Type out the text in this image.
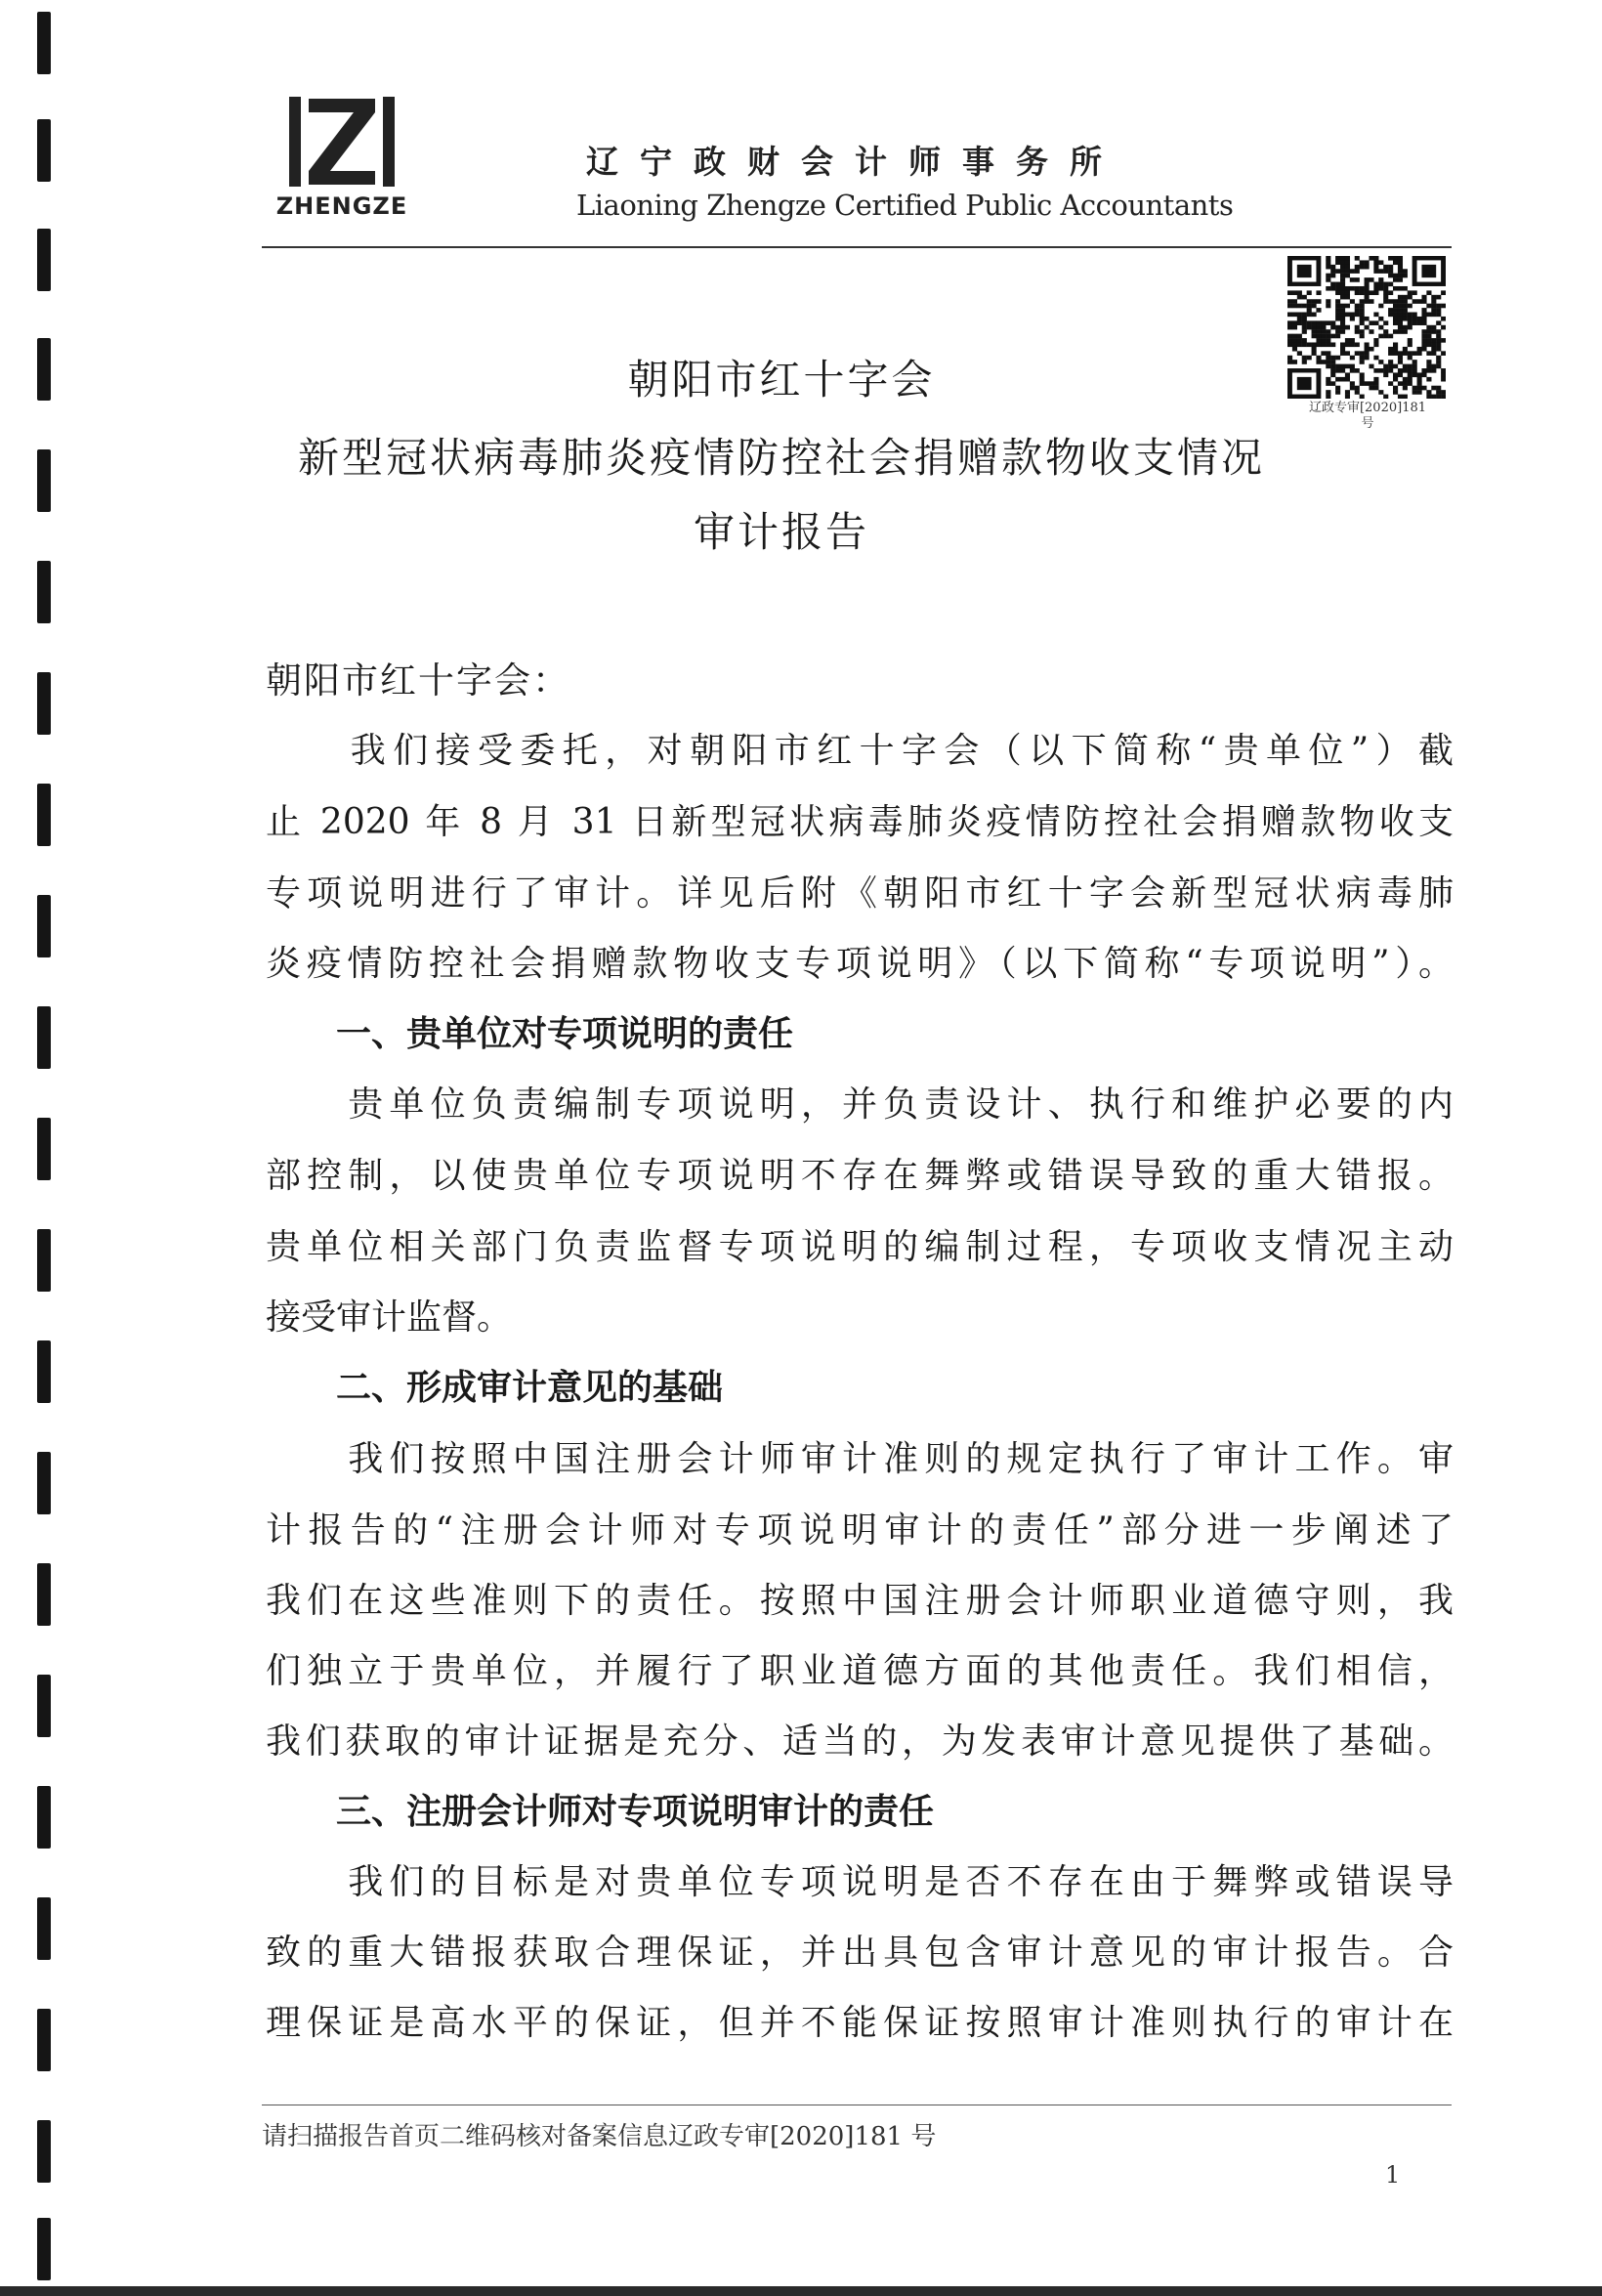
ZHENGZE
辽宁政财会计师事务所
Liaoning Zhengze Certified Public Accountants
辽政专审[2020]181
号
朝阳市红十字会
新型冠状病毒肺炎疫情防控社会捐赠款物收支情况
审计报告
朝阳市红十字会：
　　我们接受委托，对朝阳市红十字会（以下简称“贵单位”）截
止 2020 年 8 月 31 日新型冠状病毒肺炎疫情防控社会捐赠款物收支
专项说明进行了审计。详见后附《朝阳市红十字会新型冠状病毒肺
炎疫情防控社会捐赠款物收支专项说明》（以下简称“专项说明”）。
　　一、贵单位对专项说明的责任
　　贵单位负责编制专项说明，并负责设计、执行和维护必要的内
部控制，以使贵单位专项说明不存在舞弊或错误导致的重大错报。
贵单位相关部门负责监督专项说明的编制过程，专项收支情况主动
接受审计监督。
　　二、形成审计意见的基础
　　我们按照中国注册会计师审计准则的规定执行了审计工作。审
计报告的“注册会计师对专项说明审计的责任”部分进一步阐述了
我们在这些准则下的责任。按照中国注册会计师职业道德守则，我
们独立于贵单位，并履行了职业道德方面的其他责任。我们相信，
我们获取的审计证据是充分、适当的，为发表审计意见提供了基础。
　　三、注册会计师对专项说明审计的责任
　　我们的目标是对贵单位专项说明是否不存在由于舞弊或错误导
致的重大错报获取合理保证，并出具包含审计意见的审计报告。合
理保证是高水平的保证，但并不能保证按照审计准则执行的审计在
请扫描报告首页二维码核对备案信息辽政专审[2020]181 号
1
